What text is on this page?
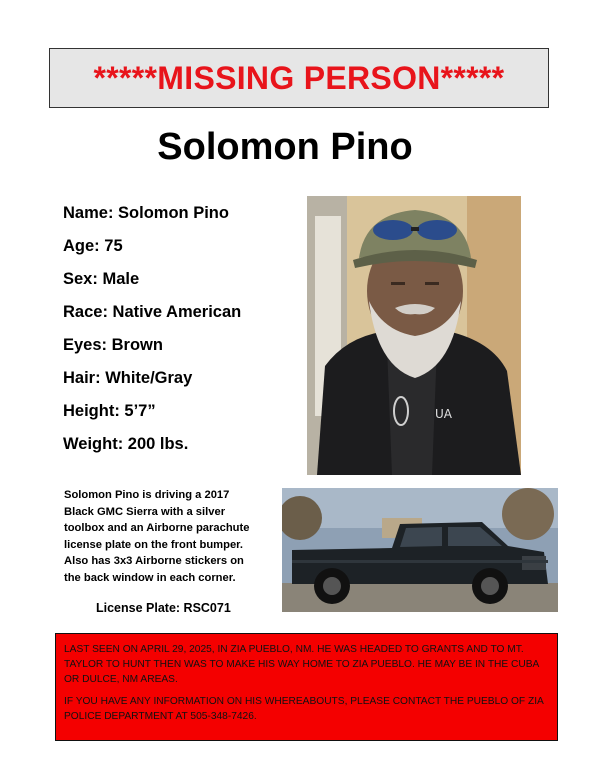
*****MISSING PERSON*****
Solomon Pino
Name: Solomon Pino
Age: 75
Sex: Male
Race: Native American
Eyes: Brown
Hair: White/Gray
Height: 5’7”
Weight: 200 lbs.
UA
Solomon Pino is driving a 2017
Black GMC Sierra with a silver
toolbox and an Airborne parachute
license plate on the front bumper.
Also has 3x3 Airborne stickers on
the back window in each corner.
License Plate: RSC071

LAST SEEN ON APRIL 29, 2025, IN ZIA PUEBLO, NM. HE WAS HEADED TO GRANTS AND TO MT. TAYLOR TO HUNT THEN WAS TO MAKE HIS WAY HOME TO ZIA PUEBLO. HE MAY BE IN THE CUBA OR DULCE, NM AREAS.

IF YOU HAVE ANY INFORMATION ON HIS WHEREABOUTS, PLEASE CONTACT THE PUEBLO OF ZIA POLICE DEPARTMENT AT 505-348-7426.
